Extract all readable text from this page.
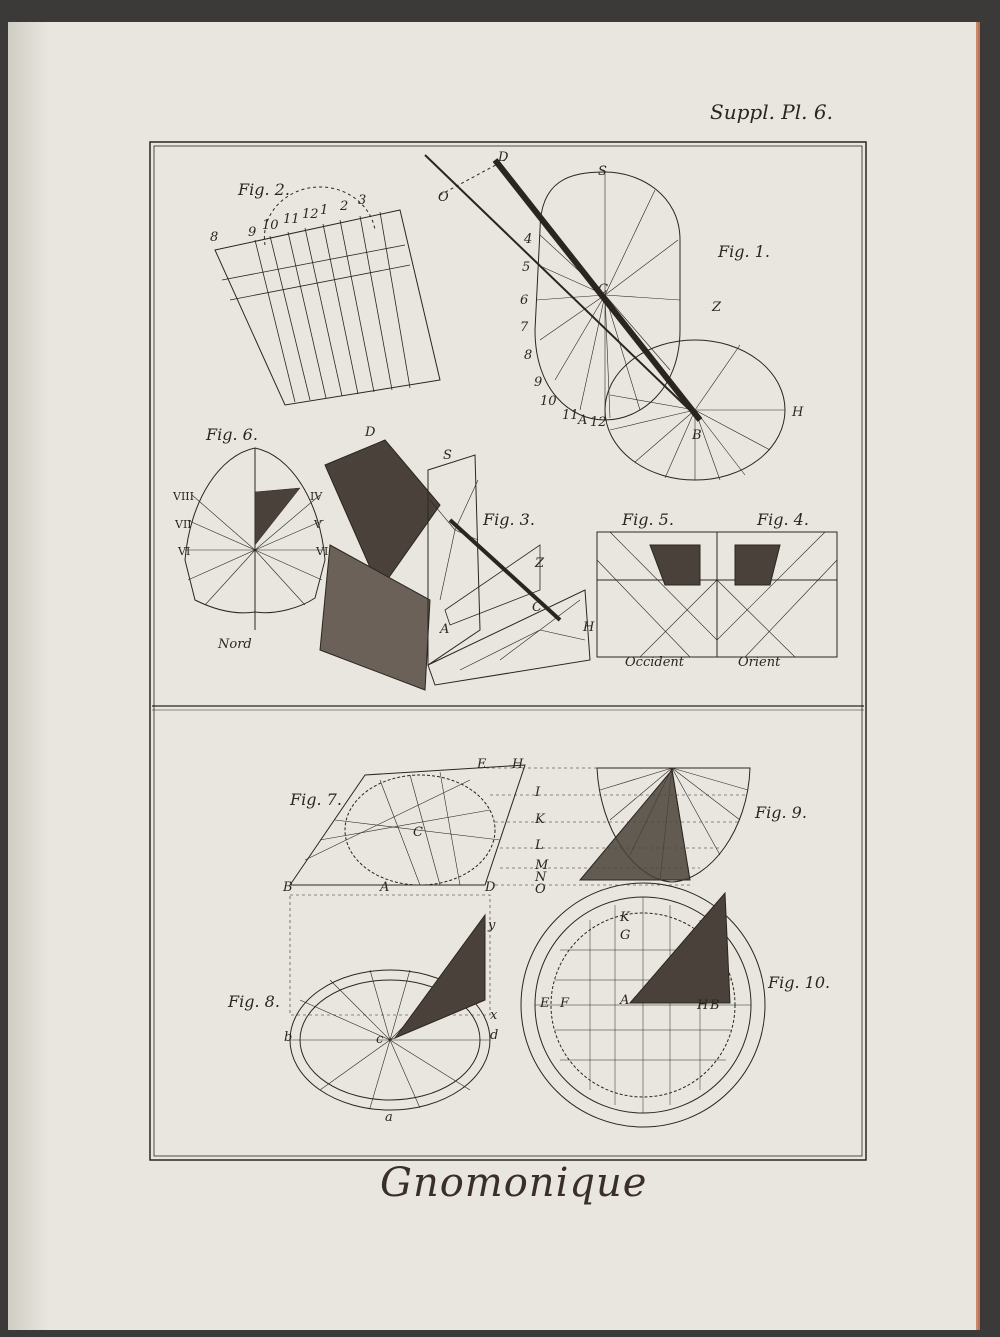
Suppl. Pl. 6.
Gnomonique
Fig. 2.
Fig. 1.
Fig. 6.
Fig. 3.	Fig. 5.	Fig. 4.
Fig. 7.
Fig. 9.
Fig. 8.
Fig. 10.
8 9 10 11 12 1 2 3
S
D
O
Z
H
A
B
C
4
5
6
7
8
9
10
11 12
VIII
VII
VI
IV
V
VI
Nord
Occident	Orient
S
D
Z
C
A	H
E H
I
K
L
M
N
O
B
C
A	D
K
G
F	A	H B
E
a
b	c	d
x
y
